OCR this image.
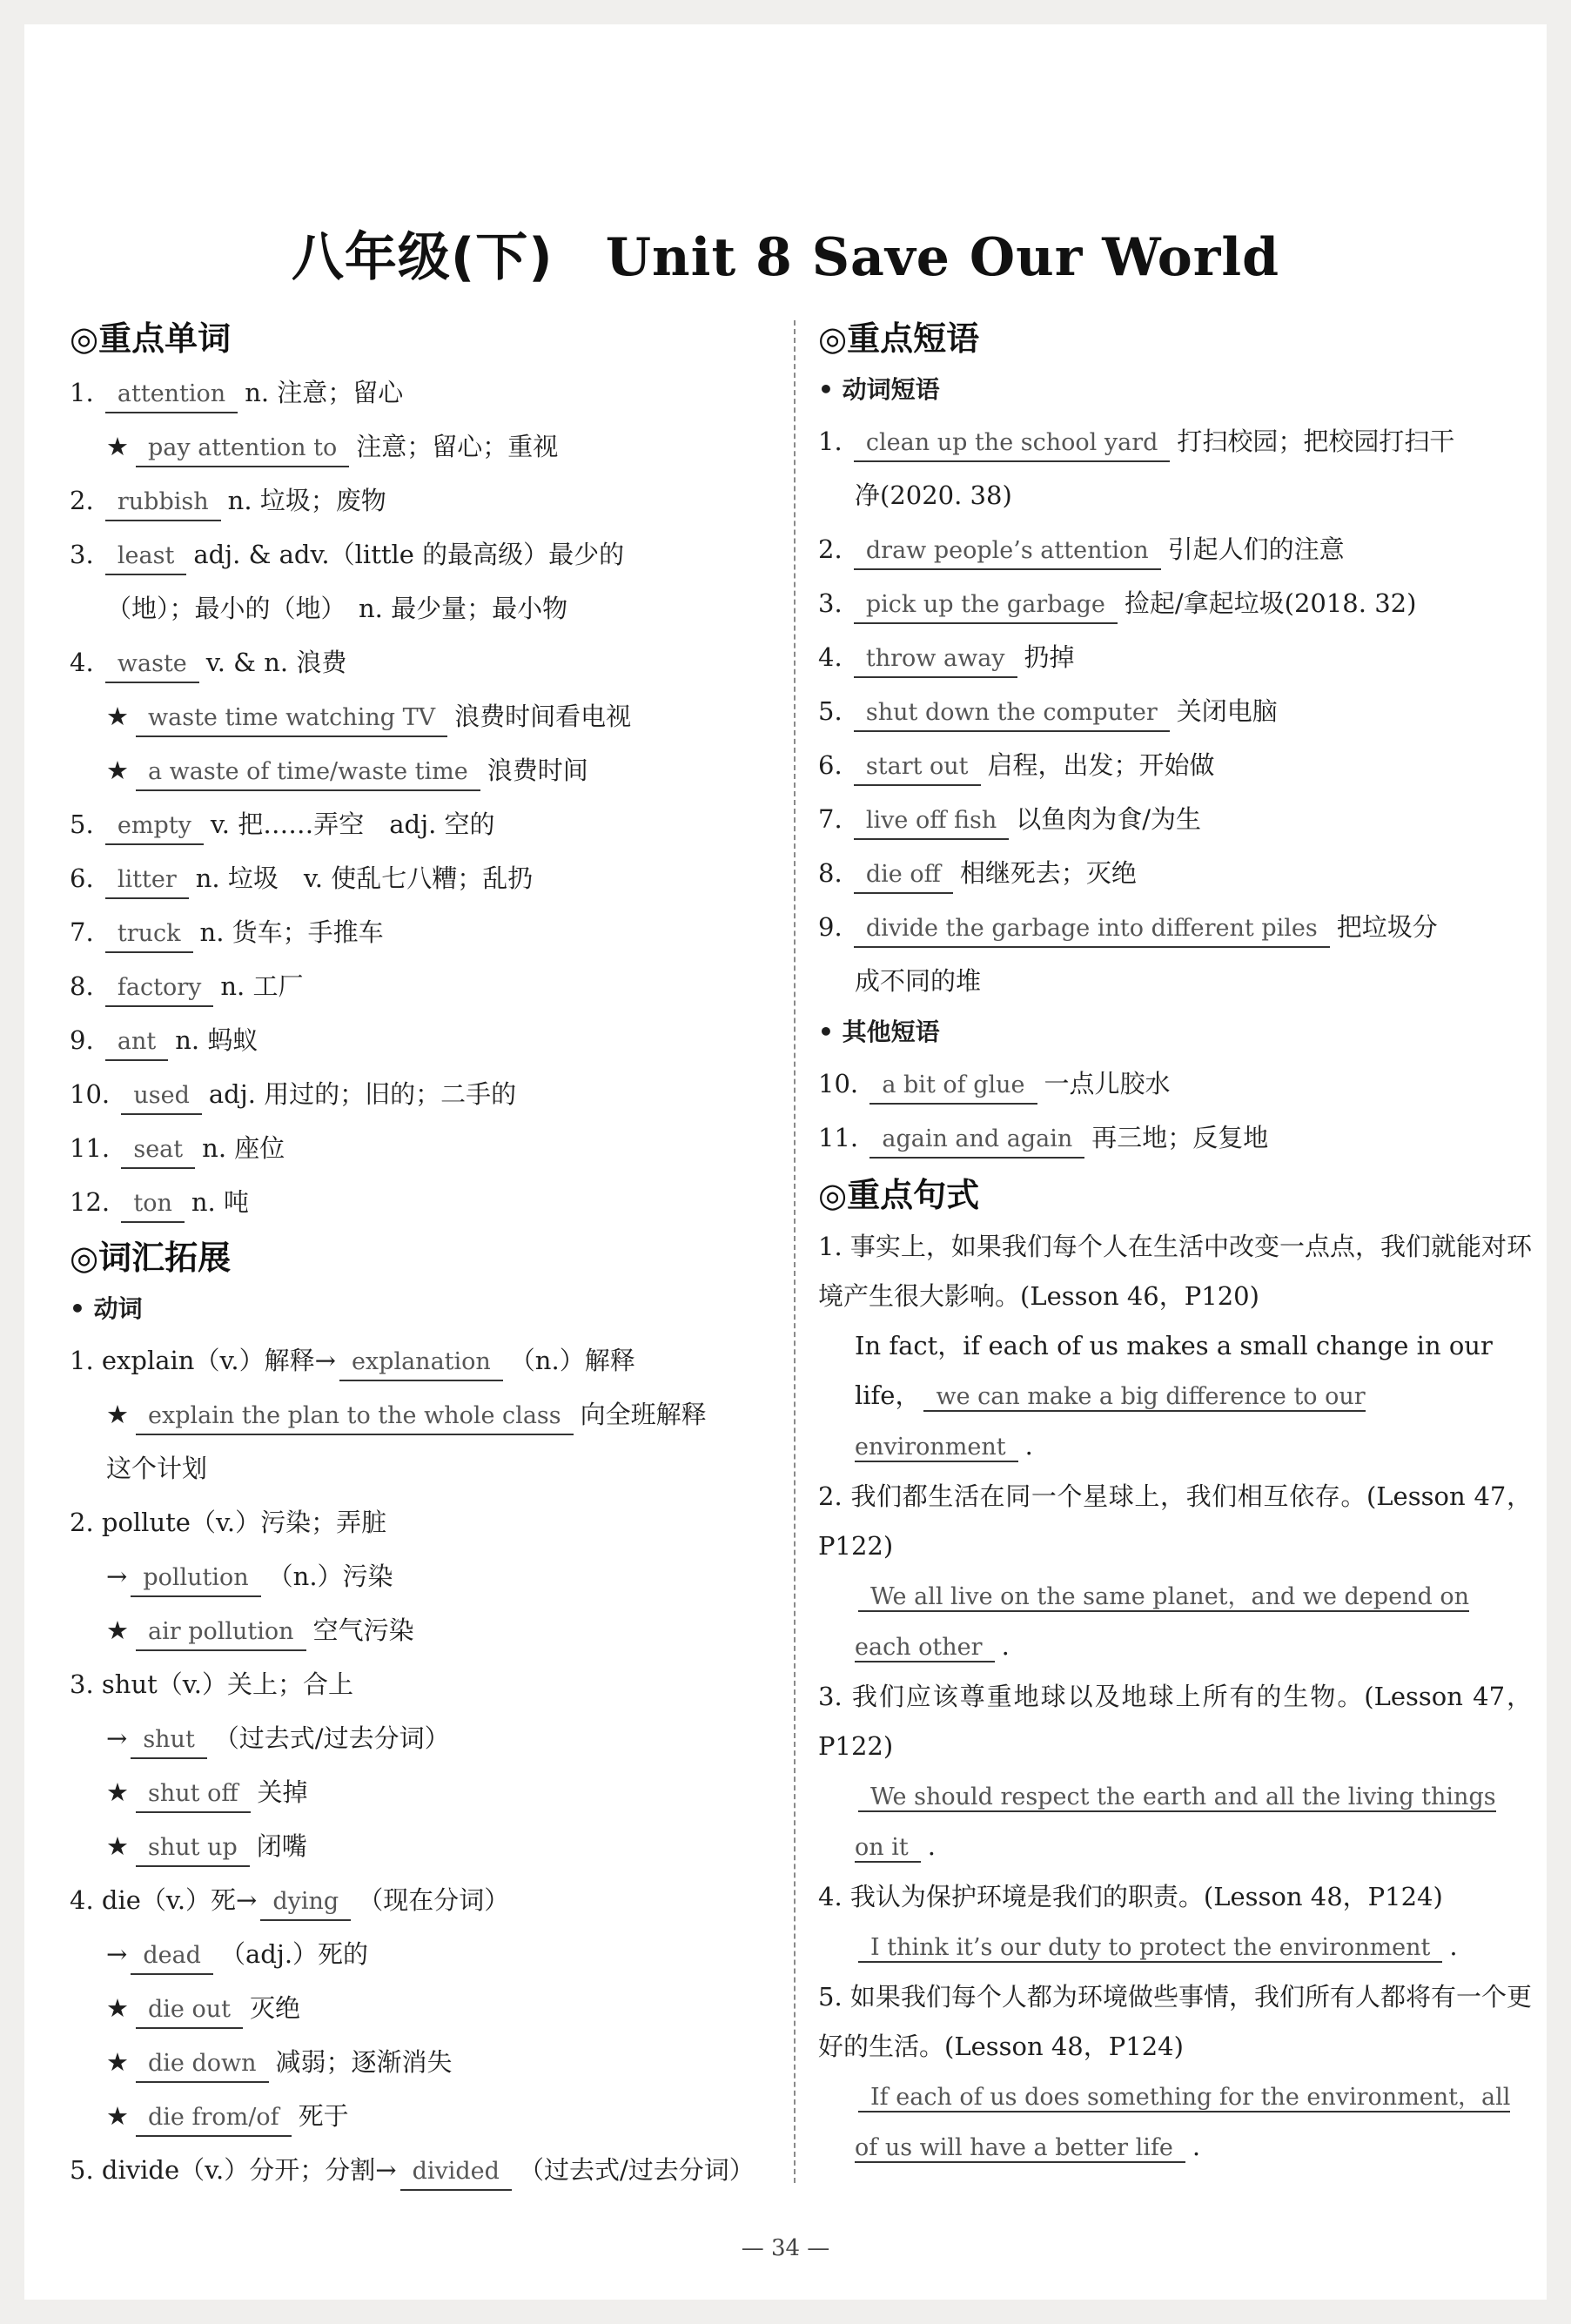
八年级(下) Unit 8 Save Our World
◎重点单词
1. attention n. 注意；留心
★ pay attention to 注意；留心；重视
2. rubbish n. 垃圾；废物
3. least adj. & adv.（little 的最高级）最少的
（地）；最小的（地）　n. 最少量；最小物
4. waste v. & n. 浪费
★ waste time watching TV 浪费时间看电视
★ a waste of time/waste time 浪费时间
5. empty v. 把……弄空　adj. 空的
6. litter n. 垃圾　v. 使乱七八糟；乱扔
7. truck n. 货车；手推车
8. factory n. 工厂
9. ant n. 蚂蚁
10. used adj. 用过的；旧的；二手的
11. seat n. 座位
12. ton n. 吨
◎词汇拓展
• 动词
1. explain（v.）解释→ explanation （n.）解释
★ explain the plan to the whole class 向全班解释
这个计划
2. pollute（v.）污染；弄脏
→ pollution （n.）污染
★ air pollution 空气污染
3. shut（v.）关上；合上
→ shut （过去式/过去分词）
★ shut off 关掉
★ shut up 闭嘴
4. die（v.）死→ dying （现在分词）
→ dead （adj.）死的
★ die out 灭绝
★ die down 减弱；逐渐消失
★ die from/of 死于
5. divide（v.）分开；分割→ divided （过去式/过去分词）
◎重点短语
• 动词短语
1. clean up the school yard 打扫校园；把校园打扫干
净(2020. 38)
2. draw people’s attention 引起人们的注意
3. pick up the garbage 捡起/拿起垃圾(2018. 32)
4. throw away 扔掉
5. shut down the computer 关闭电脑
6. start out 启程，出发；开始做
7. live off fish 以鱼肉为食/为生
8. die off 相继死去；灭绝
9. divide the garbage into different piles 把垃圾分
成不同的堆
• 其他短语
10. a bit of glue 一点儿胶水
11. again and again 再三地；反复地
◎重点句式
1. 事实上，如果我们每个人在生活中改变一点点，我们就能对环境产生很大影响。(Lesson 46，P120)
In fact，if each of us makes a small change in our life， we can make a big difference to our environment .
2. 我们都生活在同一个星球上，我们相互依存。(Lesson 47，P122)
We all live on the same planet，and we depend on each other .
3. 我们应该尊重地球以及地球上所有的生物。(Lesson 47，P122)
We should respect the earth and all the living things on it .
4. 我认为保护环境是我们的职责。(Lesson 48，P124)
I think it’s our duty to protect the environment .
5. 如果我们每个人都为环境做些事情，我们所有人都将有一个更好的生活。(Lesson 48，P124)
If each of us does something for the environment，all of us will have a better life .
— 34 —
